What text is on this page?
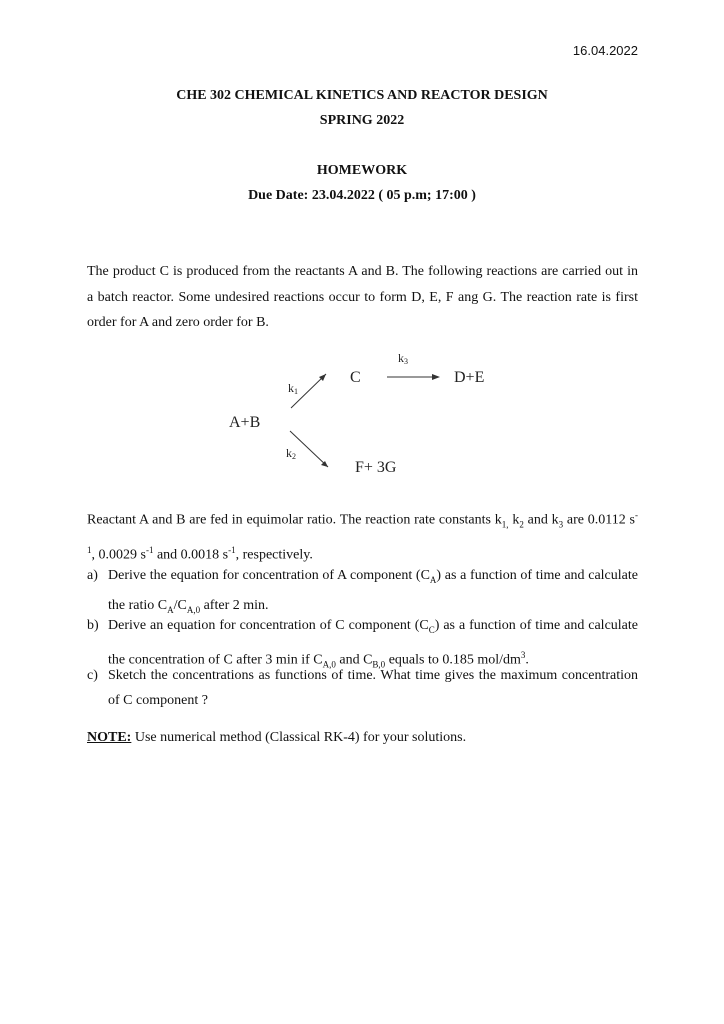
16.04.2022
CHE 302 CHEMICAL KINETICS AND REACTOR DESIGN
SPRING 2022
HOMEWORK
Due Date: 23.04.2022 ( 05 p.m; 17:00 )
The product C is produced from the reactants A and B. The following reactions are carried out in a batch reactor. Some undesired reactions occur to form D, E, F ang G. The reaction rate is first order for A and zero order for B.
A+B
k1
k2
C
k3
D+E
F+ 3G
Reactant A and B are fed in equimolar ratio. The reaction rate constants $k_{1,}$ $k_2$ and $k_3$ are 0.0112 $s^{-1}$, 0.0029 $s^{-1}$ and 0.0018 $s^{-1}$, respectively.
a) Derive the equation for concentration of A component $(C_A)$ as a function of time and calculate the ratio $C_A/C_{A,0}$ after 2 min.
b) Derive an equation for concentration of C component $(C_C)$ as a function of time and calculate the concentration of C after 3 min if $C_{A,0}$ and $C_{B,0}$ equals to 0.185 mol/$dm^3$.
c) Sketch the concentrations as functions of time. What time gives the maximum concentration of C component ?
NOTE: Use numerical method (Classical RK-4) for your solutions.
